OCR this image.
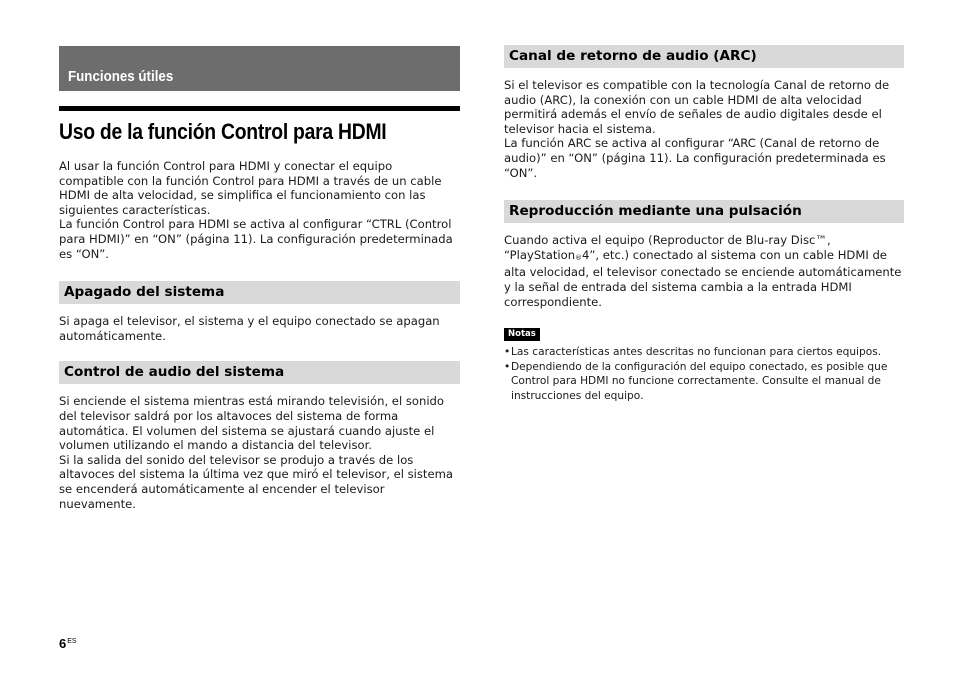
Funciones útiles
Uso de la función Control para HDMI

Al usar la función Control para HDMI y conectar el equipo compatible con la función Control para HDMI a través de un cable HDMI de alta velocidad, se simplifica el funcionamiento con las siguientes características.

La función Control para HDMI se activa al configurar “CTRL (Control para HDMI)” en “ON” (página 11). La configuración predeterminada es “ON”.

Apagado del sistema

Si apaga el televisor, el sistema y el equipo conectado se apagan automáticamente.

Control de audio del sistema

Si enciende el sistema mientras está mirando televisión, el sonido del televisor saldrá por los altavoces del sistema de forma automática. El volumen del sistema se ajustará cuando ajuste el volumen utilizando el mando a distancia del televisor.

Si la salida del sonido del televisor se produjo a través de los altavoces del sistema la última vez que miró el televisor, el sistema se encenderá automáticamente al encender el televisor nuevamente.

Canal de retorno de audio (ARC)

Si el televisor es compatible con la tecnología Canal de retorno de audio (ARC), la conexión con un cable HDMI de alta velocidad permitirá además el envío de señales de audio digitales desde el televisor hacia el sistema.

La función ARC se activa al configurar “ARC (Canal de retorno de audio)” en “ON” (página 11). La configuración predeterminada es “ON”.

Reproducción mediante una pulsación

Cuando activa el equipo (Reproductor de Blu-ray Disc™, “PlayStation®4”, etc.) conectado al sistema con un cable HDMI de alta velocidad, el televisor conectado se enciende automáticamente y la señal de entrada del sistema cambia a la entrada HDMI correspondiente.

Notas

• Las características antes descritas no funcionan para ciertos equipos.

• Dependiendo de la configuración del equipo conectado, es posible que Control para HDMI no funcione correctamente. Consulte el manual de instrucciones del equipo.

$6^{ES}$
